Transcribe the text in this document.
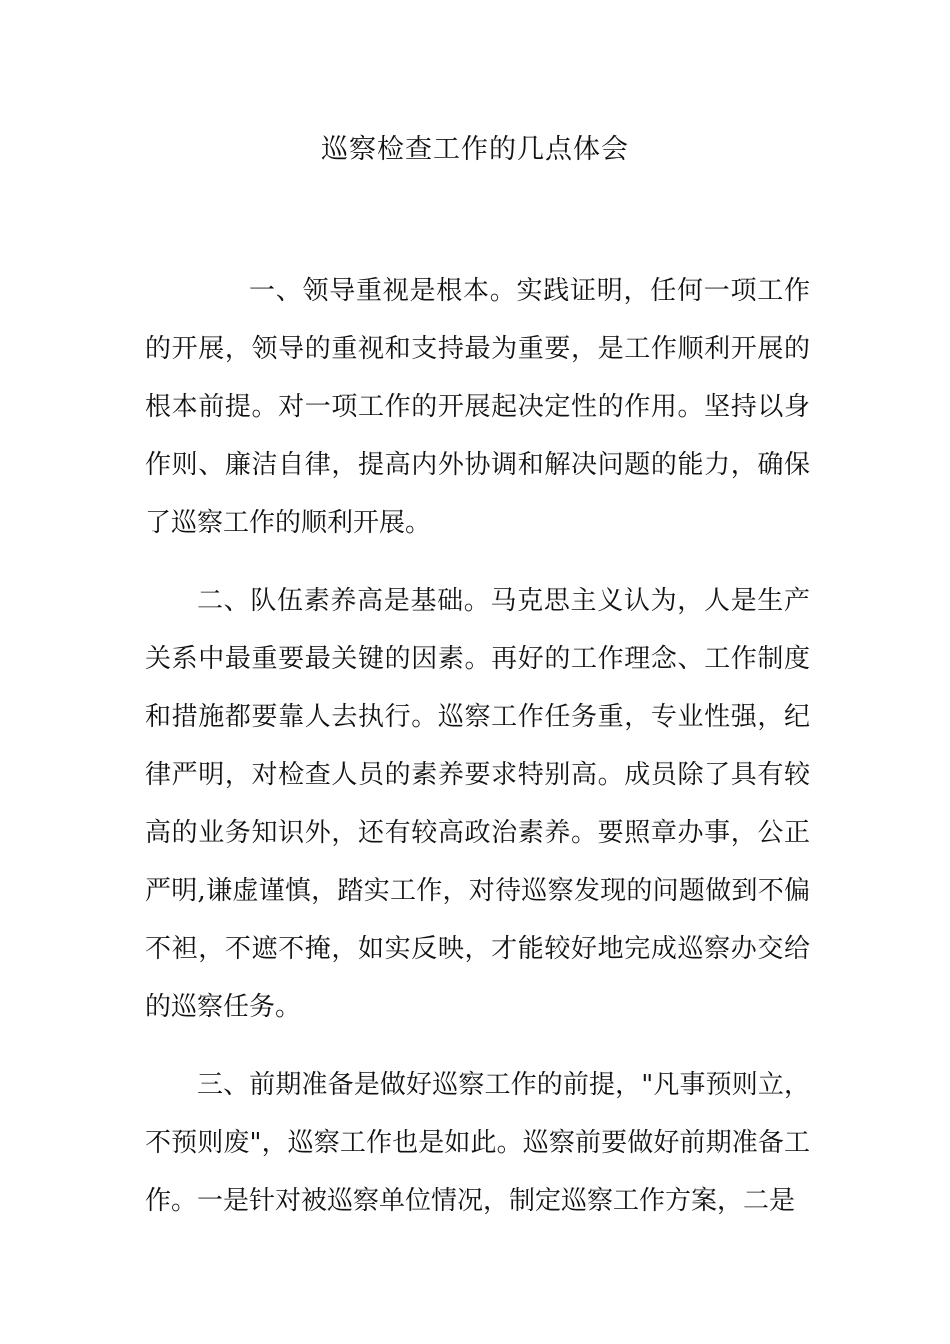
巡察检查工作的几点体会

一、领导重视是根本。实践证明，任何一项工作的开展，领导的重视和支持最为重要，是工作顺利开展的根本前提。对一项工作的开展起决定性的作用。坚持以身作则、廉洁自律，提高内外协调和解决问题的能力，确保了巡察工作的顺利开展。

二、队伍素养高是基础。马克思主义认为，人是生产关系中最重要最关键的因素。再好的工作理念、工作制度和措施都要靠人去执行。巡察工作任务重，专业性强，纪律严明，对检查人员的素养要求特别高。成员除了具有较高的业务知识外，还有较高政治素养。要照章办事，公正严明,谦虚谨慎，踏实工作，对待巡察发现的问题做到不偏不袒，不遮不掩，如实反映，才能较好地完成巡察办交给的巡察任务。

三、前期准备是做好巡察工作的前提，"凡事预则立，不预则废"，巡察工作也是如此。巡察前要做好前期准备工作。一是针对被巡察单位情况，制定巡察工作方案，二是
